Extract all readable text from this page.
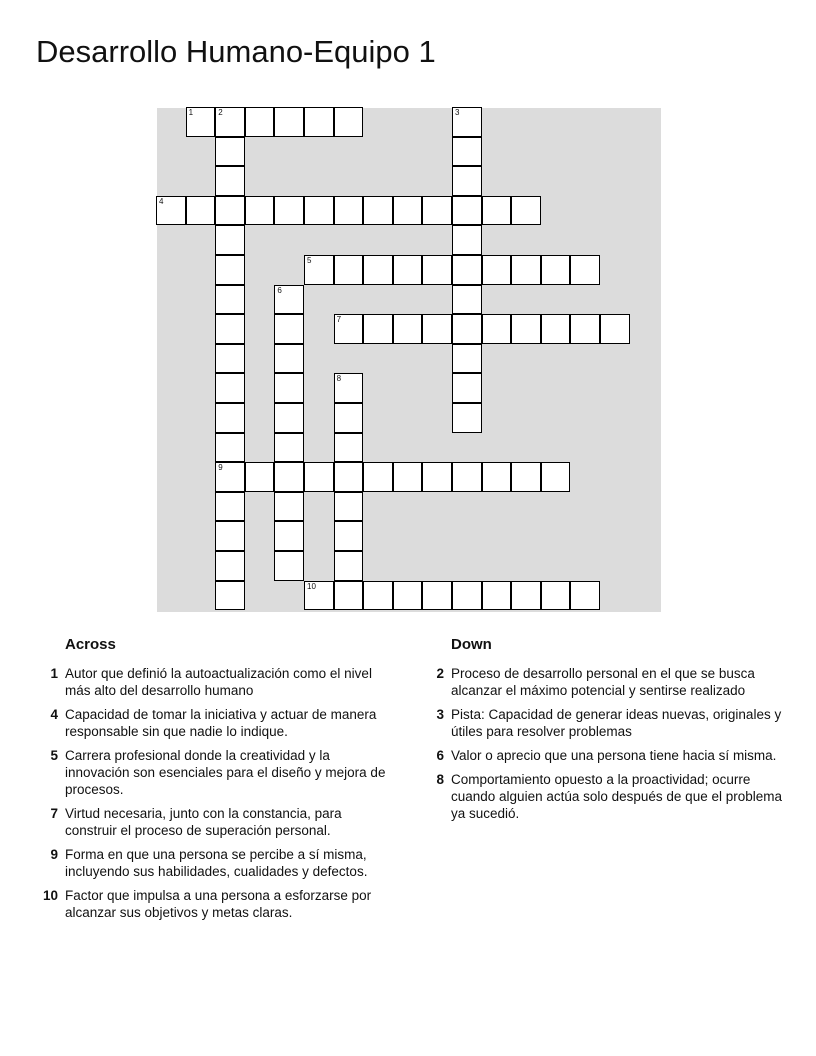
Desarrollo Humano-Equipo 1
1	2
9
3
4
5
6
7
8
10
Across
1 Autor que definió la autoactualización como el nivel más alto del desarrollo humano
4 Capacidad de tomar la iniciativa y actuar de manera responsable sin que nadie lo indique.
5 Carrera profesional donde la creatividad y la innovación son esenciales para el diseño y mejora de procesos.
7 Virtud necesaria, junto con la constancia, para construir el proceso de superación personal.
9 Forma en que una persona se percibe a sí misma, incluyendo sus habilidades, cualidades y defectos.
10 Factor que impulsa a una persona a esforzarse por alcanzar sus objetivos y metas claras.
Down
2 Proceso de desarrollo personal en el que se busca alcanzar el máximo potencial y sentirse realizado
3 Pista: Capacidad de generar ideas nuevas, originales y útiles para resolver problemas
6 Valor o aprecio que una persona tiene hacia sí misma.
8 Comportamiento opuesto a la proactividad; ocurre cuando alguien actúa solo después de que el problema ya sucedió.
